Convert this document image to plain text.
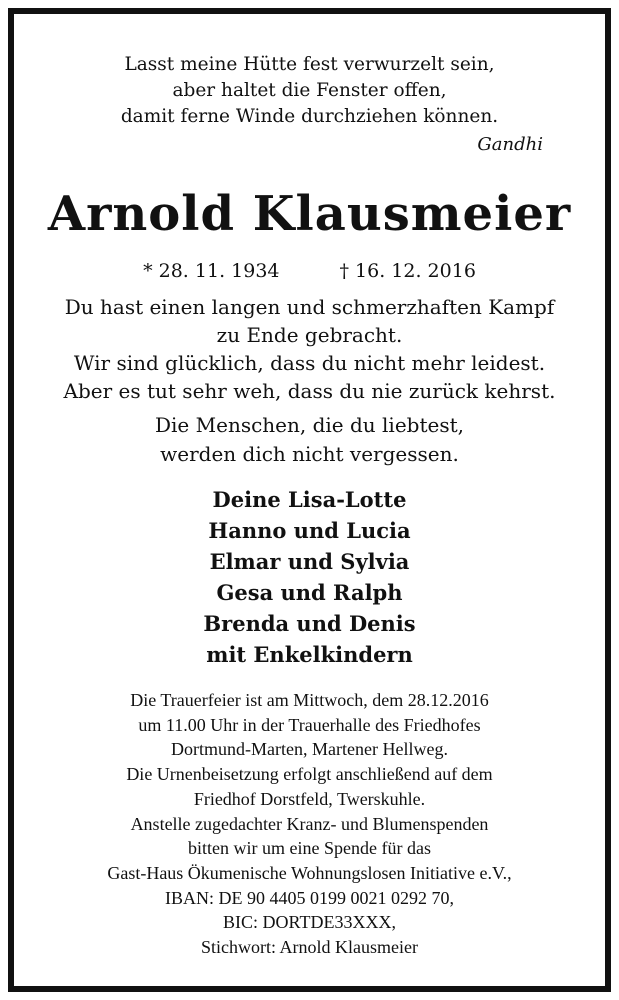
Lasst meine Hütte fest verwurzelt sein,
aber haltet die Fenster offen,
damit ferne Winde durchziehen können.
Gandhi
Arnold Klausmeier
* 28. 11. 1934	† 16. 12. 2016
Du hast einen langen und schmerzhaften Kampf
zu Ende gebracht.
Wir sind glücklich, dass du nicht mehr leidest.
Aber es tut sehr weh, dass du nie zurück kehrst.
Die Menschen, die du liebtest,
werden dich nicht vergessen.
Deine Lisa-Lotte
Hanno und Lucia
Elmar und Sylvia
Gesa und Ralph
Brenda und Denis
mit Enkelkindern
Die Trauerfeier ist am Mittwoch, dem 28.12.2016
um 11.00 Uhr in der Trauerhalle des Friedhofes
Dortmund-Marten, Martener Hellweg.
Die Urnenbeisetzung erfolgt anschließend auf dem
Friedhof Dorstfeld, Twerskuhle.
Anstelle zugedachter Kranz- und Blumenspenden
bitten wir um eine Spende für das
Gast-Haus Ökumenische Wohnungslosen Initiative e.V.,
IBAN: DE 90 4405 0199 0021 0292 70,
BIC: DORTDE33XXX,
Stichwort: Arnold Klausmeier
